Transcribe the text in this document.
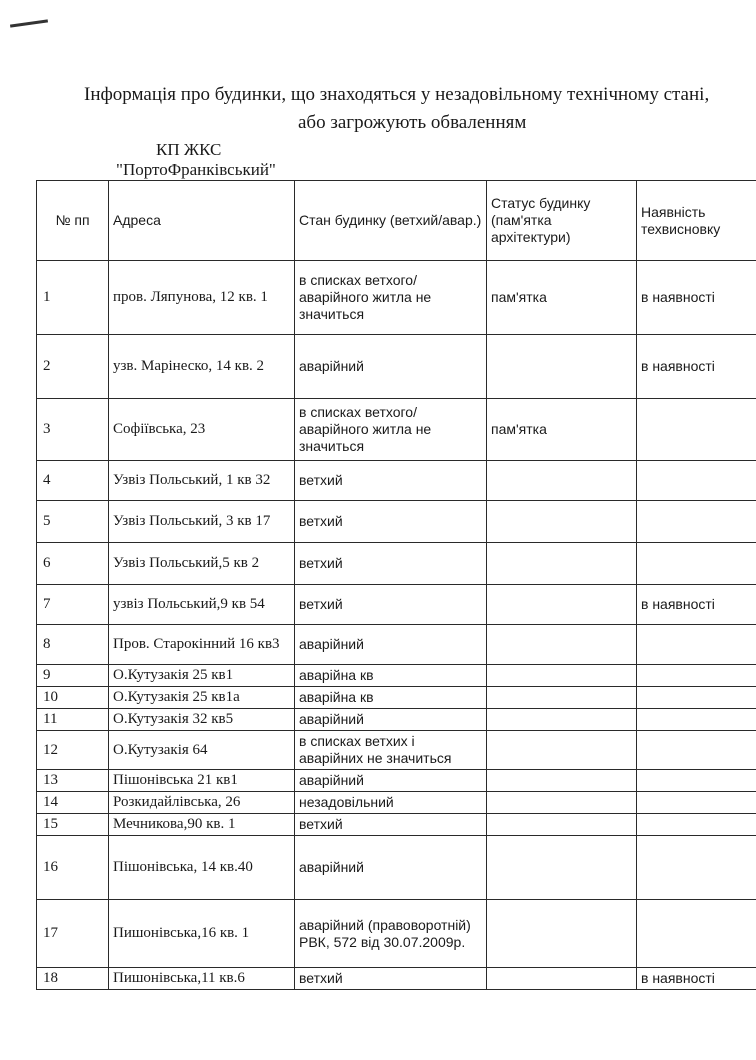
Інформація про будинки, що знаходяться у незадовільному технічному стані,
або загрожують обваленням
КП ЖКС
"ПортоФранківський"
№ пп	Адреса	Стан будинку (ветхий/авар.)	Статус будинку (пам'ятка архітектури)	Наявність техвисновку
1	пров. Ляпунова, 12 кв. 1	в списках ветхого/аварійного житла не значиться	пам'ятка	в наявності
2	узв. Марінеско, 14 кв. 2	аварійний		в наявності
3	Софіївська, 23	в списках ветхого/аварійного житла не значиться	пам'ятка	
4	Узвіз Польський, 1 кв 32	ветхий		
5	Узвіз Польський, 3 кв 17	ветхий		
6	Узвіз Польський,5 кв 2	ветхий		
7	узвіз Польський,9 кв 54	ветхий		в наявності
8	Пров. Старокінний 16 кв3	аварійний		
9	О.Кутузакія 25 кв1	аварійна кв		
10	О.Кутузакія 25 кв1а	аварійна кв		
11	О.Кутузакія 32 кв5	аварійний		
12	О.Кутузакія 64	в списках ветхих і аварійних не значиться		
13	Пішонівська 21 кв1	аварійний		
14	Розкидайлівська, 26	незадовільний		
15	Мечникова,90 кв. 1	ветхий		
16	Пішонівська, 14 кв.40	аварійний		
17	Пишонівська,16 кв. 1	аварійний (правоворотній) РВК, 572 від 30.07.2009р.		
18	Пишонівська,11 кв.6	ветхий		в наявності
